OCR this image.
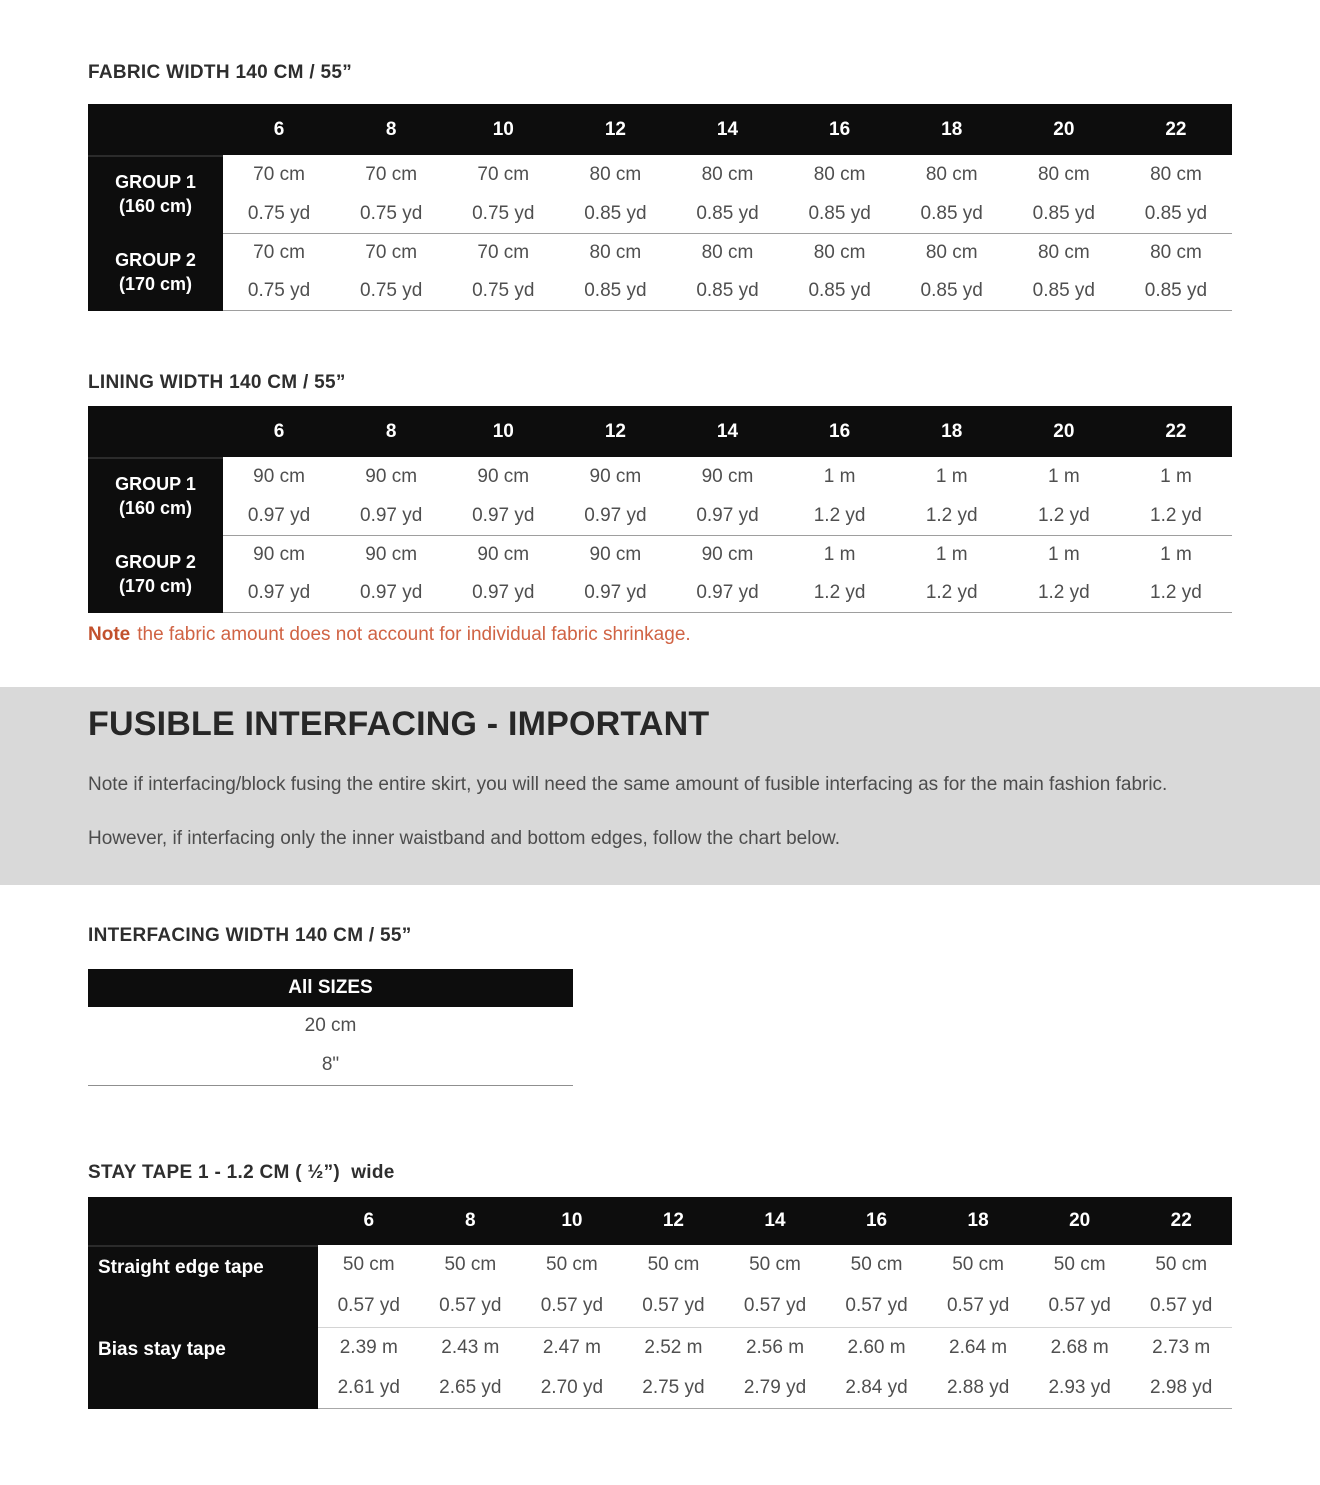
FABRIC WIDTH 140 CM / 55”
6	8	10	12	14	16	18	20	22
GROUP 1
(160 cm)
70 cm	70 cm	70 cm	80 cm	80 cm	80 cm	80 cm	80 cm	80 cm
0.75 yd	0.75 yd	0.75 yd	0.85 yd	0.85 yd	0.85 yd	0.85 yd	0.85 yd	0.85 yd
GROUP 2
(170 cm)
70 cm	70 cm	70 cm	80 cm	80 cm	80 cm	80 cm	80 cm	80 cm
0.75 yd	0.75 yd	0.75 yd	0.85 yd	0.85 yd	0.85 yd	0.85 yd	0.85 yd	0.85 yd
LINING WIDTH 140 CM / 55”
6	8	10	12	14	16	18	20	22
GROUP 1
(160 cm)
90 cm	90 cm	90 cm	90 cm	90 cm	1 m	1 m	1 m	1 m
0.97 yd	0.97 yd	0.97 yd	0.97 yd	0.97 yd	1.2 yd	1.2 yd	1.2 yd	1.2 yd
GROUP 2
(170 cm)
90 cm	90 cm	90 cm	90 cm	90 cm	1 m	1 m	1 m	1 m
0.97 yd	0.97 yd	0.97 yd	0.97 yd	0.97 yd	1.2 yd	1.2 yd	1.2 yd	1.2 yd

Note the fabric amount does not account for individual fabric shrinkage.

FUSIBLE INTERFACING - IMPORTANT

Note if interfacing/block fusing the entire skirt, you will need the same amount of fusible interfacing as for the main fashion fabric.

However, if interfacing only the inner waistband and bottom edges, follow the chart below.

INTERFACING WIDTH 140 CM / 55”
All SIZES
20 cm
8"
STAY TAPE 1 - 1.2 CM ( ½”)  wide
6	8	10	12	14	16	18	20	22
Straight edge tape	50 cm	50 cm	50 cm	50 cm	50 cm	50 cm	50 cm	50 cm	50 cm
0.57 yd	0.57 yd	0.57 yd	0.57 yd	0.57 yd	0.57 yd	0.57 yd	0.57 yd	0.57 yd
Bias stay tape	2.39 m	2.43 m	2.47 m	2.52 m	2.56 m	2.60 m	2.64 m	2.68 m	2.73 m
2.61 yd	2.65 yd	2.70 yd	2.75 yd	2.79 yd	2.84 yd	2.88 yd	2.93 yd	2.98 yd
